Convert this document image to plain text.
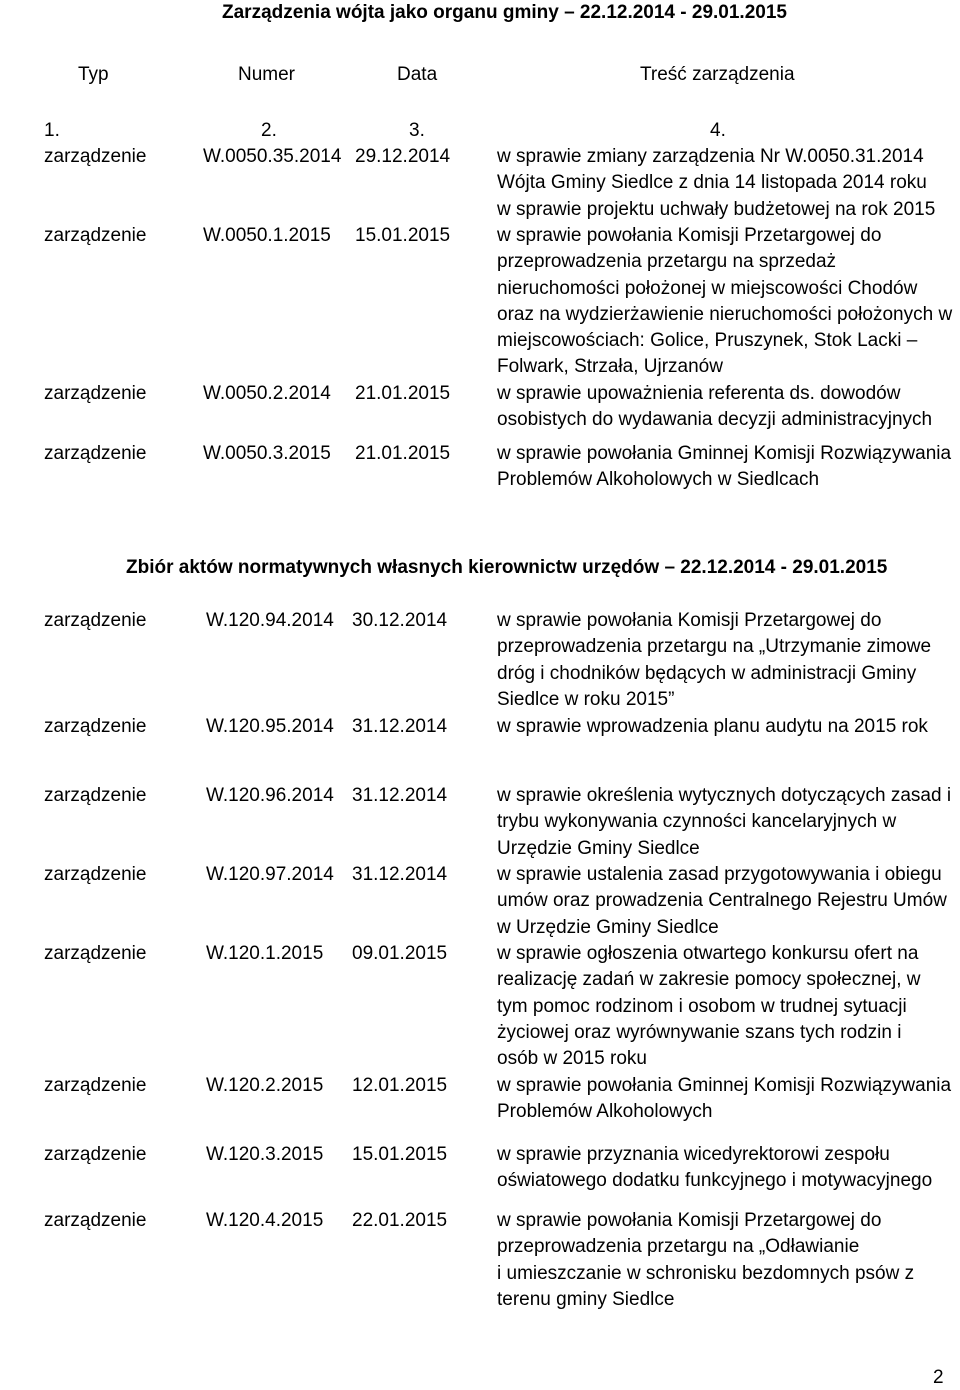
Zarządzenia wójta jako organu gminy – 22.12.2014 - 29.01.2015
Typ	Numer	Data	Treść zarządzenia
1.	2.	3.	4.
zarządzenie	W.0050.35.2014 29.12.2014 w sprawie zmiany zarządzenia Nr W.0050.31.2014
Wójta Gminy Siedlce z dnia 14 listopada 2014 roku
w sprawie projektu uchwały budżetowej na rok 2015
zarządzenie	W.0050.1.2015 15.01.2015 w sprawie powołania Komisji Przetargowej do
przeprowadzenia przetargu na sprzedaż
nieruchomości położonej w miejscowości Chodów
oraz na wydzierżawienie nieruchomości położonych w
miejscowościach: Golice, Pruszynek, Stok Lacki –
Folwark, Strzała, Ujrzanów
zarządzenie	W.0050.2.2014 21.01.2015 w sprawie upoważnienia referenta ds. dowodów
osobistych do wydawania decyzji administracyjnych
zarządzenie	W.0050.3.2015 21.01.2015 w sprawie powołania Gminnej Komisji Rozwiązywania
Problemów Alkoholowych w Siedlcach
Zbiór aktów normatywnych własnych kierownictw urzędów – 22.12.2014 - 29.01.2015
zarządzenie	W.120.94.2014 30.12.2014	w sprawie powołania Komisji Przetargowej do
przeprowadzenia przetargu na „Utrzymanie zimowe
dróg i chodników będących w administracji Gminy
Siedlce w roku 2015”
zarządzenie	W.120.95.2014 31.12.2014	w sprawie wprowadzenia planu audytu na 2015 rok
zarządzenie	W.120.96.2014 31.12.2014	w sprawie określenia wytycznych dotyczących zasad i
trybu wykonywania czynności kancelaryjnych w
Urzędzie Gminy Siedlce
zarządzenie	W.120.97.2014 31.12.2014	w sprawie ustalenia zasad przygotowywania i obiegu
umów oraz prowadzenia Centralnego Rejestru Umów
w Urzędzie Gminy Siedlce
zarządzenie	W.120.1.2015 09.01.2015	w sprawie ogłoszenia otwartego konkursu ofert na
realizację zadań w zakresie pomocy społecznej, w
tym pomoc rodzinom i osobom w trudnej sytuacji
życiowej oraz wyrównywanie szans tych rodzin i
osób w 2015 roku
zarządzenie	W.120.2.2015 12.01.2015	w sprawie powołania Gminnej Komisji Rozwiązywania
Problemów Alkoholowych
zarządzenie	W.120.3.2015 15.01.2015	w sprawie przyznania wicedyrektorowi zespołu
oświatowego dodatku funkcyjnego i motywacyjnego
zarządzenie	W.120.4.2015 22.01.2015	w sprawie powołania Komisji Przetargowej do
przeprowadzenia przetargu na „Odławianie
i umieszczanie w schronisku bezdomnych psów z
terenu gminy Siedlce
2
